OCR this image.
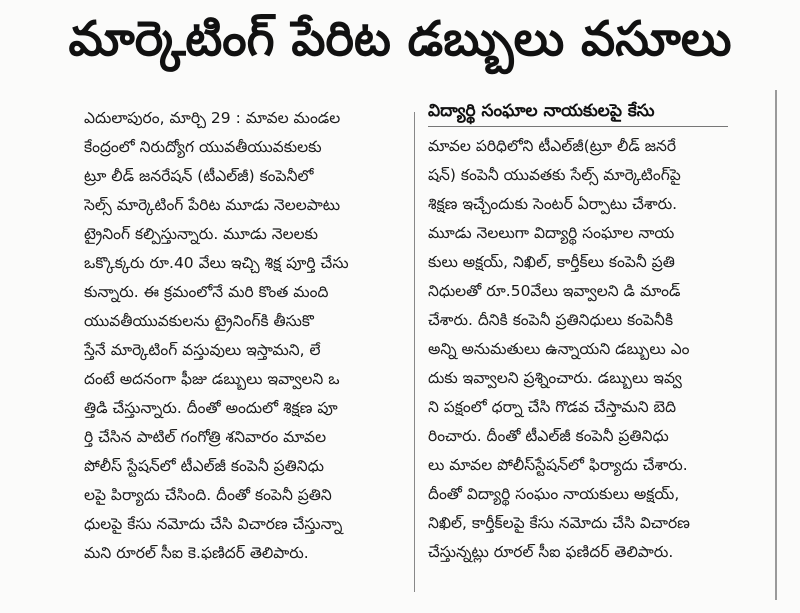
మార్కెటింగ్ పేరిట డబ్బులు వసూలు
ఎదులాపురం, మార్చి 29 : మావల మండల
కేంద్రంలో నిరుద్యోగ యువతీయువకులకు
ట్రూ లీడ్ జనరేషన్ (టీఎల్‌జీ) కంపెనీలో
సెల్స్ మార్కెటింగ్ పేరిట మూడు నెలలపాటు
ట్రైనింగ్ కల్పిస్తున్నారు. మూడు నెలలకు
ఒక్కొక్కరు రూ.40 వేలు ఇచ్చి శిక్ష పూర్తి చేసు
కున్నారు. ఈ క్రమంలోనే మరి కొంత మంది
యువతీయువకులను ట్రైనింగ్‌కి తీసుకొ
స్తేనే మార్కెటింగ్ వస్తువులు ఇస్తామని, లే
దంటే అదనంగా ఫీజు డబ్బులు ఇవ్వాలని ఒ
త్తిడి చేస్తున్నారు. దీంతో అందులో శిక్షణ పూ
ర్తి చేసిన పాటిల్ గంగోత్రి శనివారం మావల
పోలీస్ స్టేషన్‌లో టీఎల్‌జీ కంపెనీ ప్రతినిధు
లపై పిర్యాదు చేసింది. దీంతో కంపెనీ ప్రతిని
ధులపై కేసు నమోదు చేసి విచారణ చేస్తున్నా
మని రూరల్ సీఐ కె.ఫణిదర్ తెలిపారు.
విద్యార్థి సంఘాల నాయకులపై కేసు
మావల పరిధిలోని టీఎల్‌జీ(ట్రూ లీడ్ జనరే
షన్) కంపెనీ యువతకు సేల్స్ మార్కెటింగ్‌పై
శిక్షణ ఇచ్చేందుకు సెంటర్ ఏర్పాటు చేశారు.
మూడు నెలలుగా విద్యార్థి సంఘాల నాయ
కులు అక్షయ్, నిఖిల్, కార్తీక్‌లు కంపెనీ ప్రతి
నిధులతో రూ.50వేలు ఇవ్వాలని డి మాండ్
చేశారు. దీనికి కంపెనీ ప్రతినిధులు కంపెనీకి
అన్ని అనుమతులు ఉన్నాయని డబ్బులు ఎం
దుకు ఇవ్వాలని ప్రశ్నించారు. డబ్బులు ఇవ్వ
ని పక్షంలో ధర్నా చేసి గొడవ చేస్తామని బెది
రించారు. దీంతో టీఎల్‌జీ కంపెనీ ప్రతినిధు
లు మావల పోలీస్‌స్టేషన్‌లో ఫిర్యాదు చేశారు.
దీంతో విద్యార్థి సంఘం నాయకులు అక్షయ్,
నిఖిల్, కార్తీక్‌లపై కేసు నమోదు చేసి విచారణ
చేస్తున్నట్లు రూరల్ సీఐ ఫణిదర్ తెలిపారు.
